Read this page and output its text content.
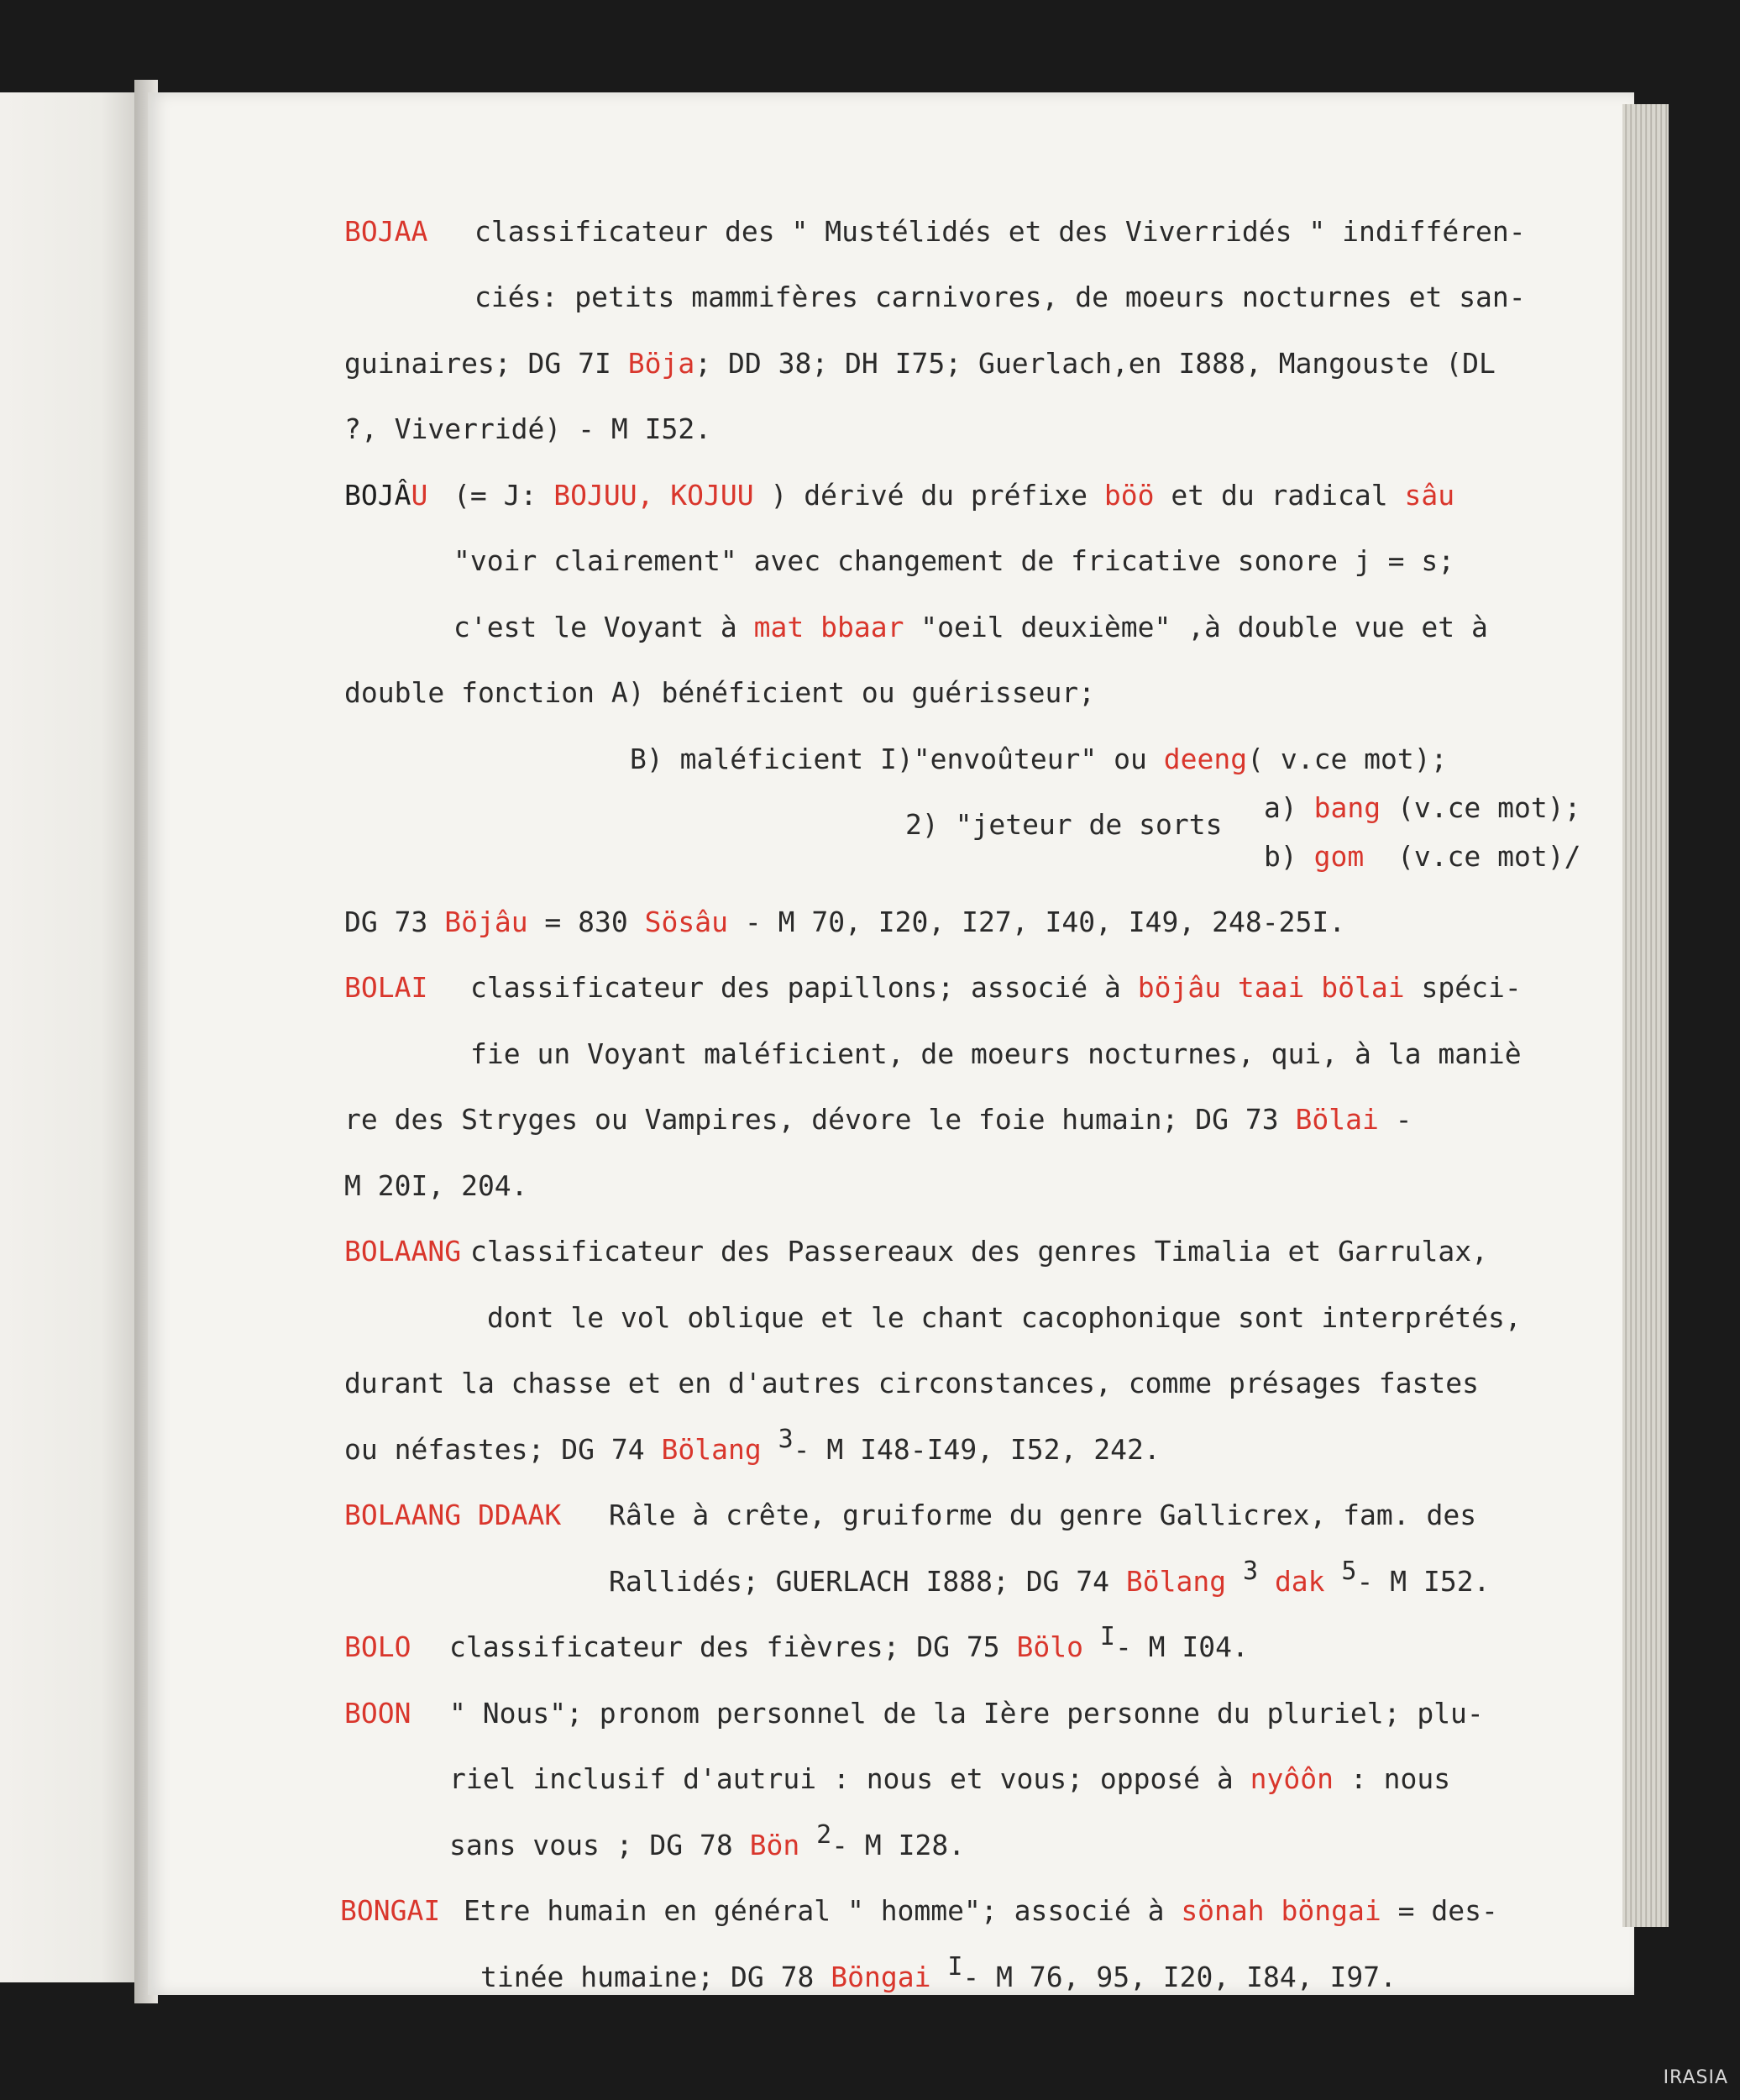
BOJAA classificateur des " Mustélidés et des Viverridés " indifféren-
ciés: petits mammifères carnivores, de moeurs nocturnes et san-
guinaires; DG 7I Böja; DD 38; DH I75; Guerlach,en I888, Mangouste (DL
?, Viverridé) - M I52.
BOJÂU (= J: BOJUU, KOJUU ) dérivé du préfixe böö et du radical sâu
"voir clairement" avec changement de fricative sonore j = s;
c'est le Voyant à mat bbaar "oeil deuxième" ,à double vue et à
double fonction A) bénéficient ou guérisseur;
B) maléficient I)"envoûteur" ou deeng( v.ce mot);
a) bang (v.ce mot);
2) "jeteur de sorts
b) gom  (v.ce mot)/
DG 73 Böjâu = 830 Sösâu - M 70, I20, I27, I40, I49, 248-25I.
BOLAI classificateur des papillons; associé à böjâu taai bölai spéci-
fie un Voyant maléficient, de moeurs nocturnes, qui, à la maniè
re des Stryges ou Vampires, dévore le foie humain; DG 73 Bölai -
M 20I, 204.
BOLAANG classificateur des Passereaux des genres Timalia et Garrulax,
dont le vol oblique et le chant cacophonique sont interprétés,
durant la chasse et en d'autres circonstances, comme présages fastes
ou néfastes; DG 74 Bölang 3- M I48-I49, I52, 242.
BOLAANG DDAAK Râle à crête, gruiforme du genre Gallicrex, fam. des
Rallidés; GUERLACH I888; DG 74 Bölang 3 dak 5- M I52.
BOLO classificateur des fièvres; DG 75 Bölo I- M I04.
BOON " Nous"; pronom personnel de la Ière personne du pluriel; plu-
riel inclusif d'autrui : nous et vous; opposé à nyôôn : nous
sans vous ; DG 78 Bön 2- M I28.
BONGAI Etre humain en général " homme"; associé à sönah böngai = des-
tinée humaine; DG 78 Böngai I- M 76, 95, I20, I84, I97.
IRASIA
